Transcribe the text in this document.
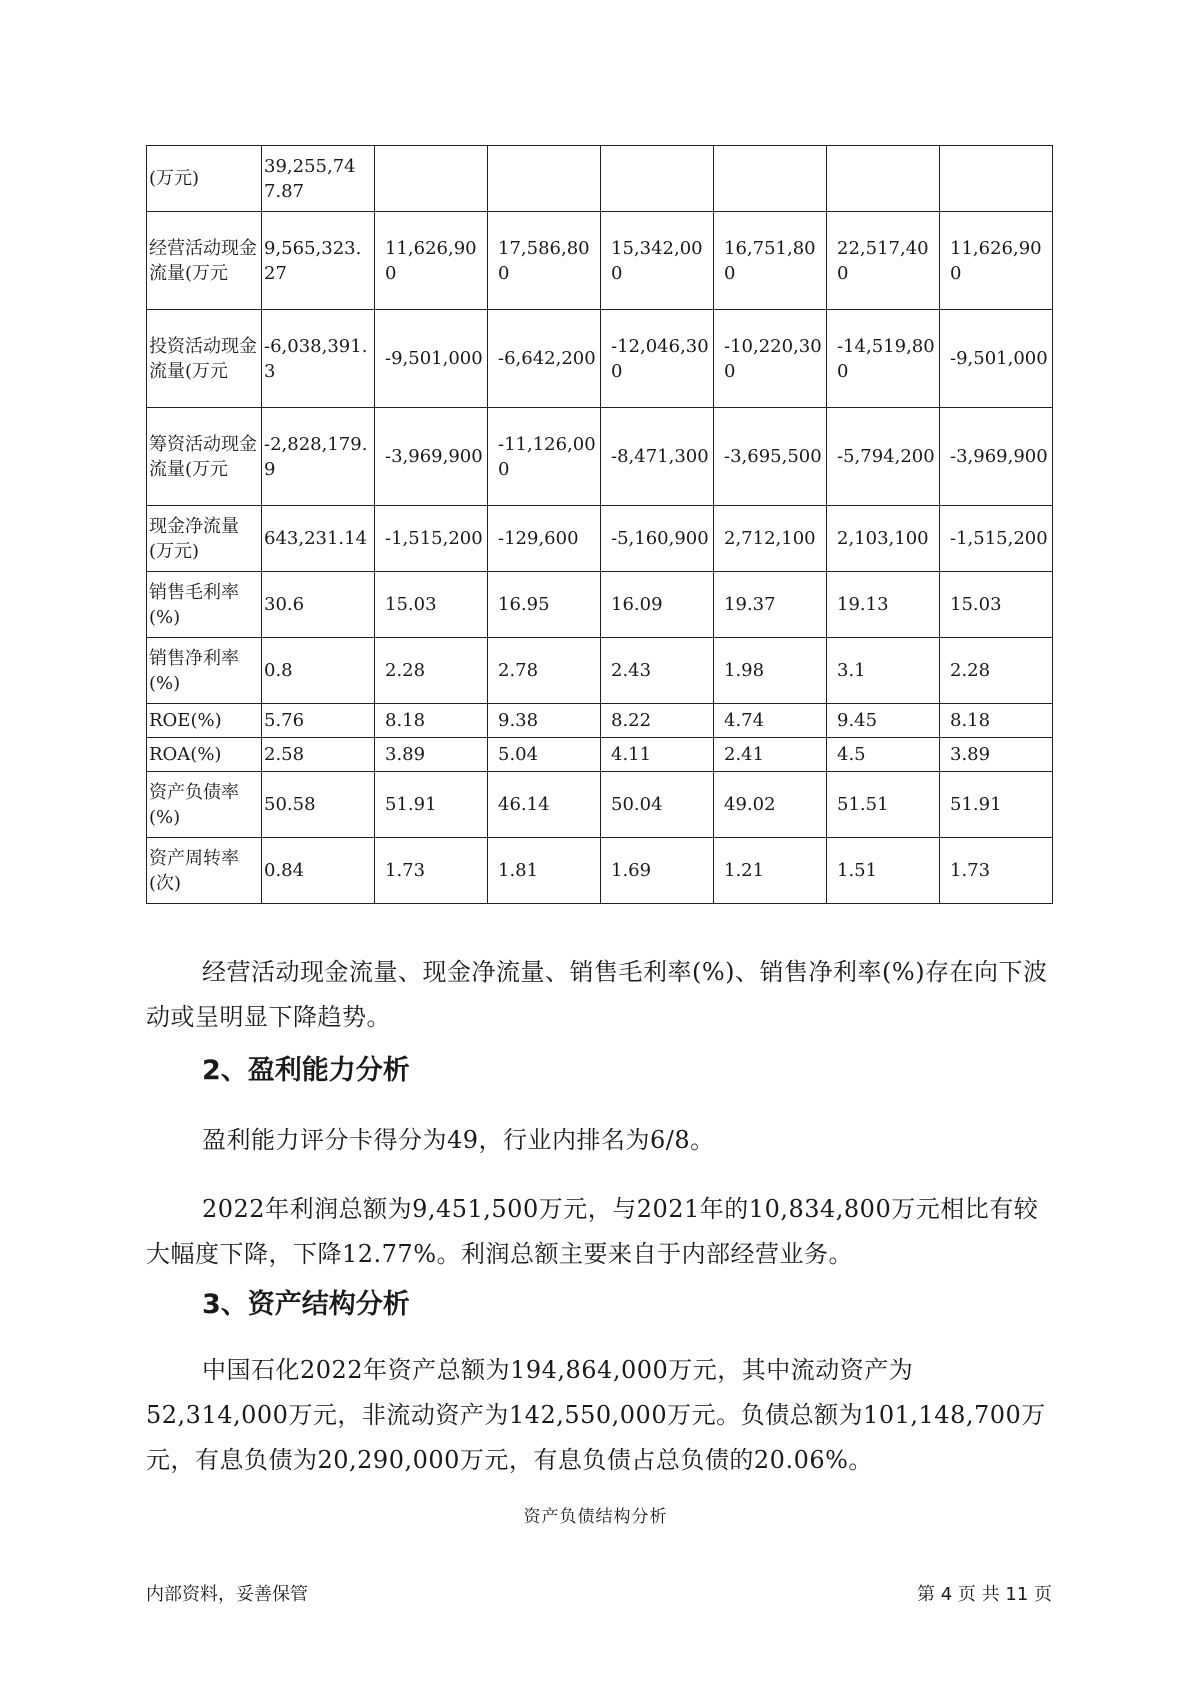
(万元)	39,255,747.87						
经营活动现金流量(万元	9,565,323.27	11,626,900	17,586,800	15,342,000	16,751,800	22,517,400	11,626,900
投资活动现金流量(万元	-6,038,391.3	-9,501,000	-6,642,200	-12,046,300	-10,220,300	-14,519,800	-9,501,000
筹资活动现金流量(万元	-2,828,179.9	-3,969,900	-11,126,000	-8,471,300	-3,695,500	-5,794,200	-3,969,900
现金净流量(万元)	643,231.14	-1,515,200	-129,600	-5,160,900	2,712,100	2,103,100	-1,515,200
销售毛利率(%)	30.6	15.03	16.95	16.09	19.37	19.13	15.03
销售净利率(%)	0.8	2.28	2.78	2.43	1.98	3.1	2.28
ROE(%)	5.76	8.18	9.38	8.22	4.74	9.45	8.18
ROA(%)	2.58	3.89	5.04	4.11	2.41	4.5	3.89
资产负债率(%)	50.58	51.91	46.14	50.04	49.02	51.51	51.91
资产周转率(次)	0.84	1.73	1.81	1.69	1.21	1.51	1.73

经营活动现金流量、现金净流量、销售毛利率(%)、销售净利率(%)存在向下波动或呈明显下降趋势。

2、盈利能力分析

盈利能力评分卡得分为49，行业内排名为6/8。

2022年利润总额为9,451,500万元，与2021年的10,834,800万元相比有较大幅度下降，下降12.77%。利润总额主要来自于内部经营业务。

3、资产结构分析

中国石化2022年资产总额为194,864,000万元，其中流动资产为52,314,000万元，非流动资产为142,550,000万元。负债总额为101,148,700万元，有息负债为20,290,000万元，有息负债占总负债的20.06%。

资产负债结构分析
内部资料，妥善保管	第 4 页 共 11 页
